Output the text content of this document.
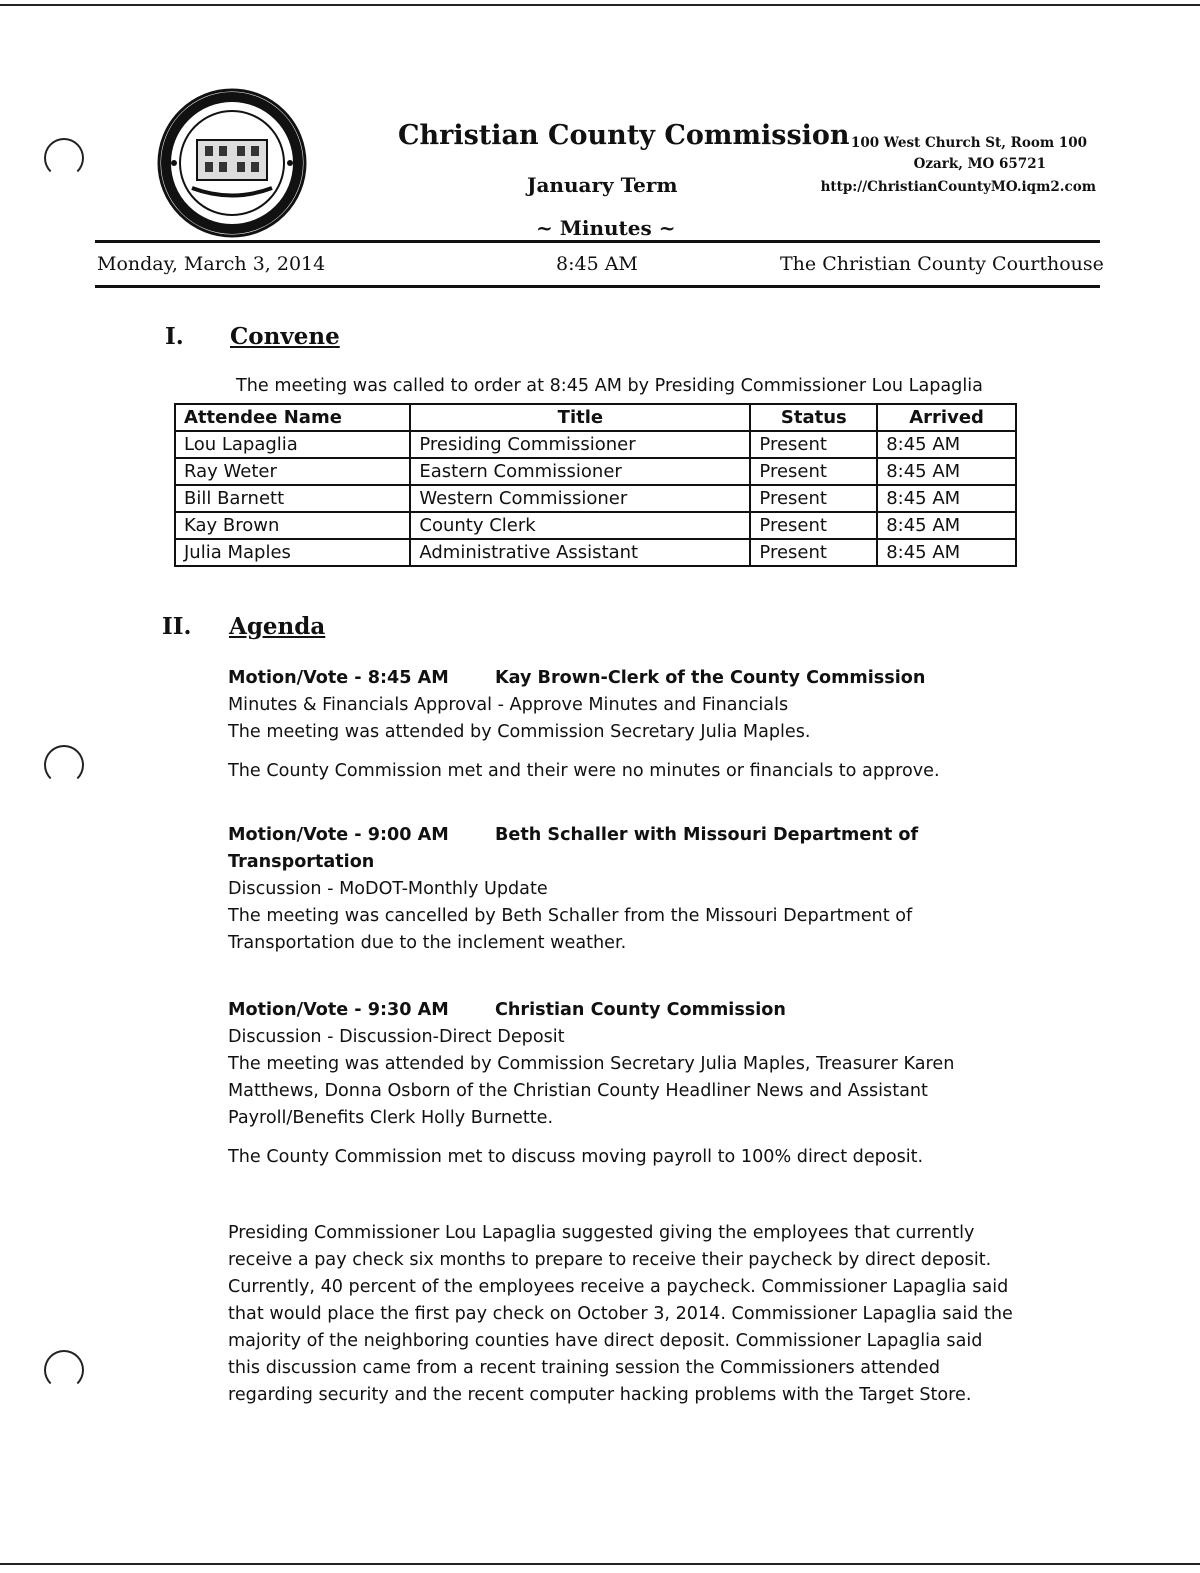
Christian County Commission
January Term
~ Minutes ~
100 West Church St, Room 100
Ozark, MO 65721
http://ChristianCountyMO.iqm2.com
Monday, March 3, 2014	8:45 AM	The Christian County Courthouse
I. Convene
The meeting was called to order at 8:45 AM by Presiding Commissioner Lou Lapaglia
Attendee Name	Title	Status	Arrived
Lou Lapaglia	Presiding Commissioner	Present	8:45 AM
Ray Weter	Eastern Commissioner	Present	8:45 AM
Bill Barnett	Western Commissioner	Present	8:45 AM
Kay Brown	County Clerk	Present	8:45 AM
Julia Maples	Administrative Assistant	Present	8:45 AM
II. Agenda
Motion/Vote - 8:45 AM	Kay Brown-Clerk of the County Commission
Minutes & Financials Approval - Approve Minutes and Financials
The meeting was attended by Commission Secretary Julia Maples.
The County Commission met and their were no minutes or financials to approve.
Motion/Vote - 9:00 AM	Beth Schaller with Missouri Department of
Transportation
Discussion - MoDOT-Monthly Update
The meeting was cancelled by Beth Schaller from the Missouri Department of
Transportation due to the inclement weather.
Motion/Vote - 9:30 AM	Christian County Commission
Discussion - Discussion-Direct Deposit
The meeting was attended by Commission Secretary Julia Maples, Treasurer Karen
Matthews, Donna Osborn of the Christian County Headliner News and Assistant
Payroll/Benefits Clerk Holly Burnette.
The County Commission met to discuss moving payroll to 100% direct deposit.
Presiding Commissioner Lou Lapaglia suggested giving the employees that currently
receive a pay check six months to prepare to receive their paycheck by direct deposit.
Currently, 40 percent of the employees receive a paycheck. Commissioner Lapaglia said
that would place the first pay check on October 3, 2014. Commissioner Lapaglia said the
majority of the neighboring counties have direct deposit. Commissioner Lapaglia said
this discussion came from a recent training session the Commissioners attended
regarding security and the recent computer hacking problems with the Target Store.
